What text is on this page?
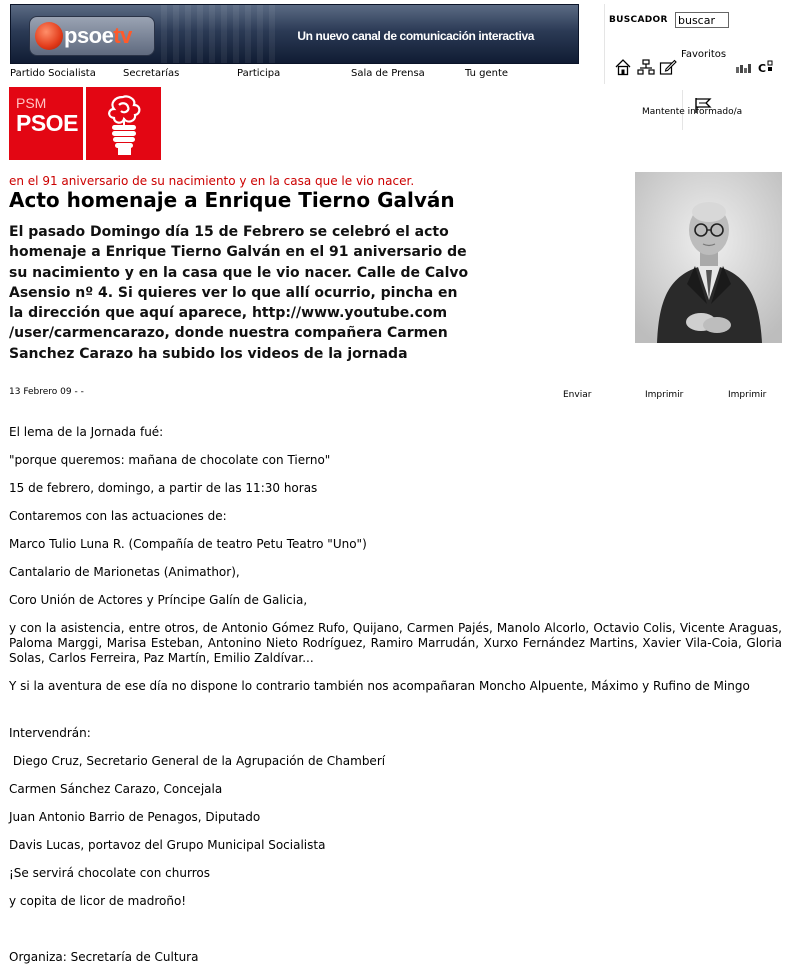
psoetv	Un nuevo canal de comunicación interactiva
BUSCADOR
buscar
Favoritos
C
Mantente informado/a
Partido Socialista	Secretarías	Participa	Sala de Prensa	Tu gente
PSM
PSOE
en el 91 aniversario de su nacimiento y en la casa que le vio nacer.
Acto homenaje a Enrique Tierno Galván

El pasado Domingo día 15 de Febrero se celebró el acto homenaje a Enrique Tierno Galván en el 91 aniversario de su nacimiento y en la casa que le vio nacer. Calle de Calvo Asensio nº 4. Si quieres ver lo que allí ocurrio, pincha en la dirección que aquí aparece, http://www.youtube.com /user/carmencarazo, donde nuestra compañera Carmen Sanchez Carazo ha subido los videos de la jornada

13 Febrero 09 - -	Enviar	Imprimir	Imprimir

El lema de la Jornada fué:

"porque queremos: mañana de chocolate con Tierno"

15 de febrero, domingo, a partir de las 11:30 horas

Contaremos con las actuaciones de:

Marco Tulio Luna R. (Compañía de teatro Petu Teatro "Uno")

Cantalario de Marionetas (Animathor),

Coro Unión de Actores y Príncipe Galín de Galicia,

y con la asistencia, entre otros, de Antonio Gómez Rufo, Quijano, Carmen Pajés, Manolo Alcorlo, Octavio Colis, Vicente Araguas, Paloma Marggi, Marisa Esteban, Antonino Nieto Rodríguez, Ramiro Marrudán, Xurxo Fernández Martins, Xavier Vila-Coia, Gloria Solas, Carlos Ferreira, Paz Martín, Emilio Zaldívar...

Y si la aventura de ese día no dispone lo contrario también nos acompañaran Moncho Alpuente, Máximo y Rufino de Mingo

Intervendrán:

Diego Cruz, Secretario General de la Agrupación de Chamberí

Carmen Sánchez Carazo, Concejala

Juan Antonio Barrio de Penagos, Diputado

Davis Lucas, portavoz del Grupo Municipal Socialista

¡Se servirá chocolate con churros

y copita de licor de madroño!

Organiza: Secretaría de Cultura
